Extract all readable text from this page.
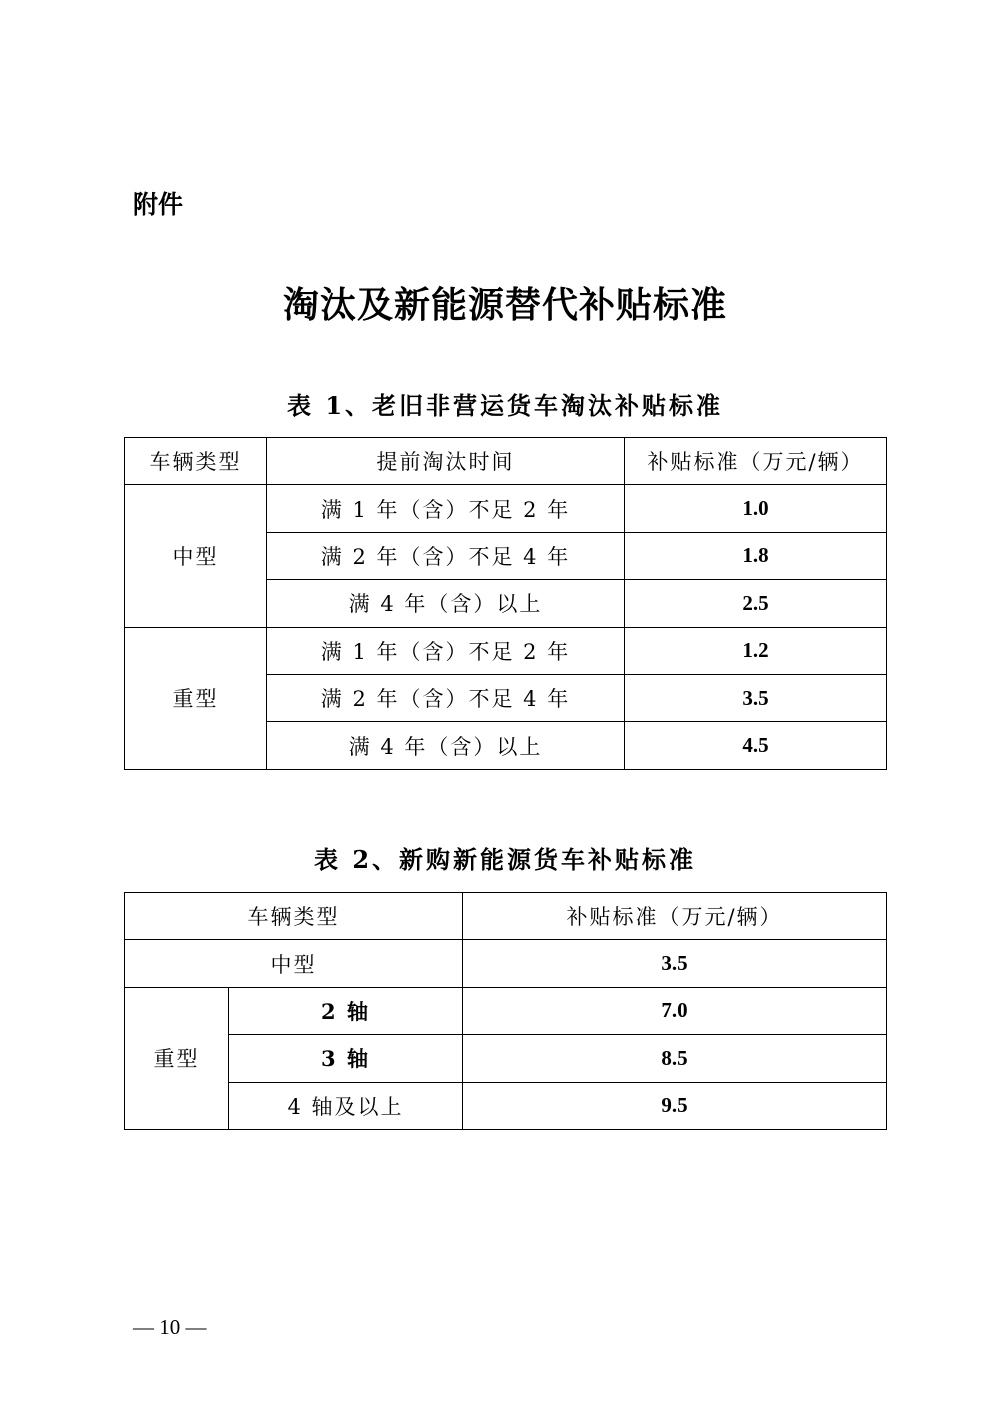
附件
淘汰及新能源替代补贴标准
表 1、老旧非营运货车淘汰补贴标准
车辆类型	提前淘汰时间	补贴标准（万元/辆）
中型	满 1 年（含）不足 2 年	1.0
	满 2 年（含）不足 4 年	1.8
	满 4 年（含）以上	2.5
重型	满 1 年（含）不足 2 年	1.2
	满 2 年（含）不足 4 年	3.5
	满 4 年（含）以上	4.5
表 2、新购新能源货车补贴标准
车辆类型		补贴标准（万元/辆）
中型		3.5
重型	2 轴	7.0
	3 轴	8.5
	4 轴及以上	9.5
— 10 —
